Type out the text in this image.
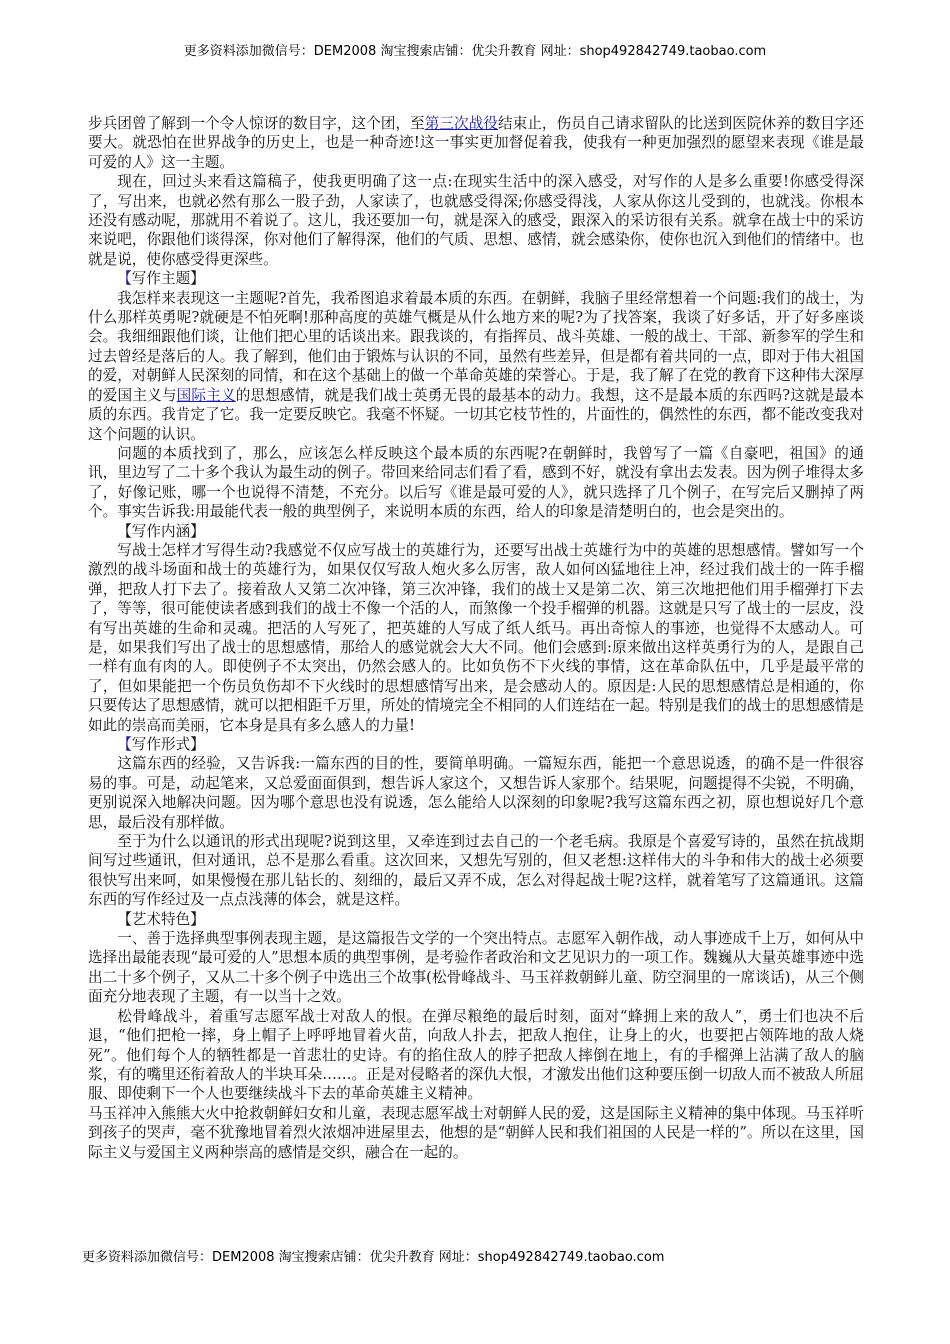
更多资料添加微信号：DEM2008 淘宝搜索店铺：优尖升教育 网址：shop492842749.taobao.com

步兵团曾了解到一个令人惊讶的数目字，这个团，至第三次战役结束止，伤员自己请求留队的比送到医院休养的数目字还要大。就恐怕在世界战争的历史上，也是一种奇迹!这一事实更加督促着我，使我有一种更加强烈的愿望来表现《谁是最可爱的人》这一主题。

现在，回过头来看这篇稿子，使我更明确了这一点:在现实生活中的深入感受，对写作的人是多么重要!你感受得深了，写出来，也就必然有那么一股子劲，人家读了，也就感受得深;你感受得浅，人家从你这儿受到的，也就浅。你根本还没有感动呢，那就用不着说了。这儿，我还要加一句，就是深入的感受，跟深入的采访很有关系。就拿在战士中的采访来说吧，你跟他们谈得深，你对他们了解得深，他们的气质、思想、感情，就会感染你，使你也沉入到他们的情绪中。也就是说，使你感受得更深些。

【写作主题】

我怎样来表现这一主题呢?首先，我希图追求着最本质的东西。在朝鲜，我脑子里经常想着一个问题:我们的战士，为什么那样英勇呢?就硬是不怕死啊!那种高度的英雄气概是从什么地方来的呢?为了找答案，我谈了好多话，开了好多座谈会。我细细跟他们谈，让他们把心里的话谈出来。跟我谈的，有指挥员、战斗英雄、一般的战士、干部、新参军的学生和过去曾经是落后的人。我了解到，他们由于锻炼与认识的不同，虽然有些差异，但是都有着共同的一点，即对于伟大祖国的爱，对朝鲜人民深刻的同情，和在这个基础上的做一个革命英雄的荣誉心。于是，我了解了在党的教育下这种伟大深厚的爱国主义与国际主义的思想感情，就是我们战士英勇无畏的最基本的动力。我想，这不是最本质的东西吗?这就是最本质的东西。我肯定了它。我一定要反映它。我毫不怀疑。一切其它枝节性的，片面性的，偶然性的东西，都不能改变我对这个问题的认识。

问题的本质找到了，那么，应该怎么样反映这个最本质的东西呢?在朝鲜时，我曾写了一篇《自豪吧，祖国》的通讯，里边写了二十多个我认为最生动的例子。带回来给同志们看了看，感到不好，就没有拿出去发表。因为例子堆得太多了，好像记账，哪一个也说得不清楚，不充分。以后写《谁是最可爱的人》，就只选择了几个例子，在写完后又删掉了两个。事实告诉我:用最能代表一般的典型例子，来说明本质的东西，给人的印象是清楚明白的，也会是突出的。

【写作内涵】

写战士怎样才写得生动?我感觉不仅应写战士的英雄行为，还要写出战士英雄行为中的英雄的思想感情。譬如写一个激烈的战斗场面和战士的英雄行为，如果仅仅写敌人炮火多么厉害，敌人如何凶猛地往上冲，经过我们战士的一阵手榴弹，把敌人打下去了。接着敌人又第二次冲锋，第三次冲锋，我们的战士又是第二次、第三次地把他们用手榴弹打下去了，等等，很可能使读者感到我们的战士不像一个活的人，而煞像一个投手榴弹的机器。这就是只写了战士的一层皮，没有写出英雄的生命和灵魂。把活的人写死了，把英雄的人写成了纸人纸马。再出奇惊人的事迹，也觉得不太感动人。可是，如果我们写出了战士的思想感情，那给人的感觉就会大大不同。他们会感到:原来做出这样英勇行为的人，是跟自己一样有血有肉的人。即使例子不太突出，仍然会感人的。比如负伤不下火线的事情，这在革命队伍中，几乎是最平常的了，但如果能把一个伤员负伤却不下火线时的思想感情写出来，是会感动人的。原因是:人民的思想感情总是相通的，你只要传达了思想感情，就可以把相距千万里，所处的情境完全不相同的人们连结在一起。特别是我们的战士的思想感情是如此的崇高而美丽，它本身是具有多么感人的力量!

【写作形式】

这篇东西的经验，又告诉我:一篇东西的目的性，要简单明确。一篇短东西，能把一个意思说透，的确不是一件很容易的事。可是，动起笔来，又总爱面面俱到，想告诉人家这个，又想告诉人家那个。结果呢，问题提得不尖锐，不明确，更别说深入地解决问题。因为哪个意思也没有说透，怎么能给人以深刻的印象呢?我写这篇东西之初，原也想说好几个意思，最后没有那样做。

至于为什么以通讯的形式出现呢?说到这里，又牵连到过去自己的一个老毛病。我原是个喜爱写诗的，虽然在抗战期间写过些通讯，但对通讯，总不是那么看重。这次回来，又想先写别的，但又老想:这样伟大的斗争和伟大的战士必须要很快写出来呵，如果慢慢在那儿钻长的、刻细的，最后又弄不成，怎么对得起战士呢?这样，就着笔写了这篇通讯。这篇东西的写作经过及一点点浅薄的体会，就是这样。

【艺术特色】

一、善于选择典型事例表现主题，是这篇报告文学的一个突出特点。志愿军入朝作战，动人事迹成千上万，如何从中选择出最能表现“最可爱的人”思想本质的典型事例，是考验作者政治和文艺见识力的一项工作。魏巍从大量英雄事迹中选出二十多个例子，又从二十多个例子中选出三个故事(松骨峰战斗、马玉祥救朝鲜儿童、防空洞里的一席谈话)，从三个侧面充分地表现了主题，有一以当十之效。

松骨峰战斗，着重写志愿军战士对敌人的恨。在弹尽粮绝的最后时刻，面对“蜂拥上来的敌人”，勇士们也决不后退，“他们把枪一摔，身上帽子上呼呼地冒着火苗，向敌人扑去，把敌人抱住，让身上的火，也要把占领阵地的敌人烧死”。他们每个人的牺牲都是一首悲壮的史诗。有的掐住敌人的脖子把敌人摔倒在地上，有的手榴弹上沾满了敌人的脑浆，有的嘴里还衔着敌人的半块耳朵……。正是对侵略者的深仇大恨，才激发出他们这种要压倒一切敌人而不被敌人所屈服、即使剩下一个人也要继续战斗下去的革命英雄主义精神。

马玉祥冲入熊熊大火中抢救朝鲜妇女和儿童，表现志愿军战士对朝鲜人民的爱，这是国际主义精神的集中体现。马玉祥听到孩子的哭声，毫不犹豫地冒着烈火浓烟冲进屋里去，他想的是“朝鲜人民和我们祖国的人民是一样的”。所以在这里，国际主义与爱国主义两种崇高的感情是交织，融合在一起的。

更多资料添加微信号：DEM2008 淘宝搜索店铺：优尖升教育 网址：shop492842749.taobao.com
